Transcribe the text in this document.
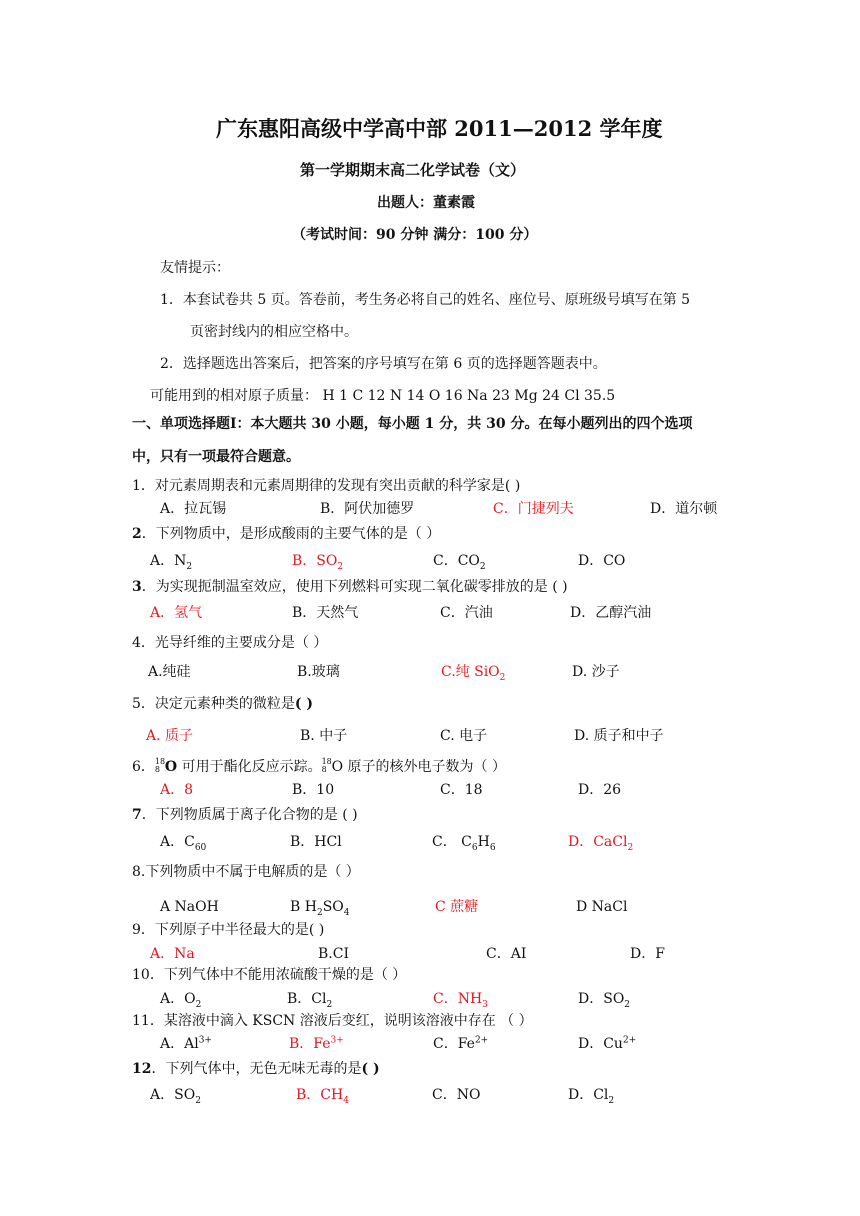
广东惠阳高级中学高中部 2011—2012 学年度
第一学期期末高二化学试卷（文）
出题人：董素霞
（考试时间：90 分钟 满分：100 分）
友情提示：
1．本套试卷共 5 页。答卷前，考生务必将自己的姓名、座位号、原班级号填写在第 5
页密封线内的相应空格中。
2．选择题选出答案后，把答案的序号填写在第 6 页的选择题答题表中。
可能用到的相对原子质量： H 1 C 12 N 14 O 16 Na 23 Mg 24 Cl 35.5
一、单项选择题Ⅰ：本大题共 30 小题，每小题 1 分，共 30 分。在每小题列出的四个选项
中，只有一项最符合题意。
1．对元素周期表和元素周期律的发现有突出贡献的科学家是( )
A．拉瓦锡	B．阿伏加德罗	C．门捷列夫	D．道尔顿
2．下列物质中，是形成酸雨的主要气体的是（ ）
A．$N_2$	B．$SO_2$	C．$CO_2$	D．CO
3．为实现扼制温室效应，使用下列燃料可实现二氧化碳零排放的是 ( )
A．氢气	B．天然气	C．汽油	D．乙醇汽油
4．光导纤维的主要成分是（ ）
A.纯硅	B.玻璃	C.纯 SiO$_2$	D. 沙子
5．决定元素种类的微粒是( )
A. 质子	B. 中子	C. 电子	D. 质子和中子
6． 18
8 O 可用于酯化反应示踪。 18
8 O 原子的核外电子数为（ ）
A．8	B．10	C．18	D．26
7．下列物质属于离子化合物的是 ( )
A．$C_{60}$	B．HCl	C． $C_6H_6$	D．CaCl$_2$
8.下列物质中不属于电解质的是（ ）
A NaOH	B $H_2SO_4$	C 蔗糖	D NaCl
9．下列原子中半径最大的是( )
A．Na	B.CI	C．AI	D．F
10．下列气体中不能用浓硫酸干燥的是（ ）
A．$O_2$	B．$Cl_2$	C．$NH_3$	D．$SO_2$
11．某溶液中滴入 KSCN 溶液后变红，说明该溶液中存在 （ ）
A．$Al^{3+}$	B．$Fe^{3+}$	C．$Fe^{2+}$	D．$Cu^{2+}$
12．下列气体中，无色无味无毒的是( )
A．$SO_2$	B．$CH_4$	C．NO	D．$Cl_2$
